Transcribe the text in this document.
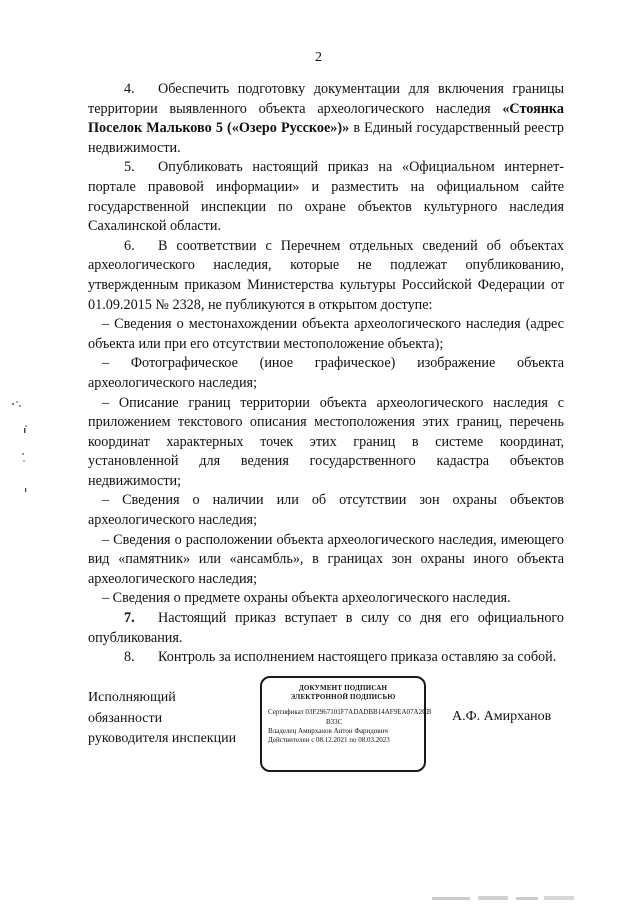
2

4. Обеспечить подготовку документации для включения границы территории выявленного объекта археологического наследия «Стоянка Поселок Мальково 5 («Озеро Русское»)» в Единый государственный реестр недвижимости.

5. Опубликовать настоящий приказ на «Официальном интернет-портале правовой информации» и разместить на официальном сайте государственной инспекции по охране объектов культурного наследия Сахалинской области.

6. В соответствии с Перечнем отдельных сведений об объектах археологического наследия, которые не подлежат опубликованию, утвержденным приказом Министерства культуры Российской Федерации от 01.09.2015 № 2328, не публикуются в открытом доступе:

– Сведения о местонахождении объекта археологического наследия (адрес объекта или при его отсутствии местоположение объекта);

– Фотографическое (иное графическое) изображение объекта археологического наследия;

– Описание границ территории объекта археологического наследия с приложением текстового описания местоположения этих границ, перечень координат характерных точек этих границ в системе координат, установленной для ведения государственного кадастра объектов недвижимости;

– Сведения о наличии или об отсутствии зон охраны объектов археологического наследия;

– Сведения о расположении объекта археологического наследия, имеющего вид «памятник» или «ансамбль», в границах зон охраны иного объекта археологического наследия;

– Сведения о предмете охраны объекта археологического наследия.

7. Настоящий приказ вступает в силу со дня его официального опубликования.

8. Контроль за исполнением настоящего приказа оставляю за собой.

Исполняющий
обязанности
руководителя инспекции
ДОКУМЕНТ ПОДПИСАН
ЭЛЕКТРОННОЙ ПОДПИСЬЮ
Сертификат 03F2967101F7ADADBB14AF9EA07A2CB
B33C
Владелец Амирханов Антон Фаридович
Действителен с 08.12.2021 по 08.03.2023
А.Ф. Амирханов
